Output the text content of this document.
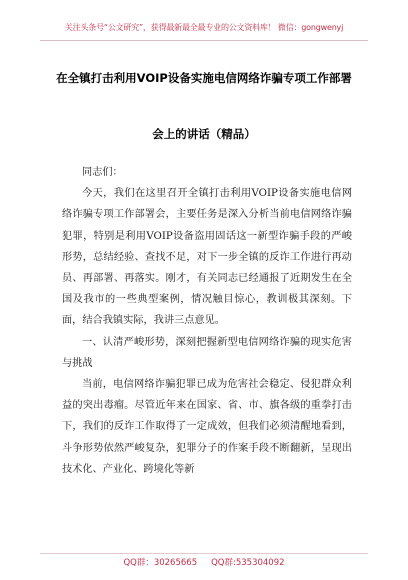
关注头条号“公文研究”，获得最新最全最专业的公文资料库！ 微信：gongwenyj
在全镇打击利用VOIP设备实施电信网络诈骗专项工作部署
会上的讲话（精品）

同志们：

今天，我们在这里召开全镇打击利用VOIP设备实施电信网络诈骗专项工作部署会，主要任务是深入分析当前电信网络诈骗犯罪，特别是利用VOIP设备盗用固话这一新型诈骗手段的严峻形势，总结经验、查找不足，对下一步全镇的反诈工作进行再动员、再部署、再落实。刚才，有关同志已经通报了近期发生在全国及我市的一些典型案例，情况触目惊心，教训极其深刻。下面，结合我镇实际，我讲三点意见。

一、认清严峻形势，深刻把握新型电信网络诈骗的现实危害与挑战

当前，电信网络诈骗犯罪已成为危害社会稳定、侵犯群众利益的突出毒瘤。尽管近年来在国家、省、市、旗各级的重拳打击下，我们的反诈工作取得了一定成效，但我们必须清醒地看到，斗争形势依然严峻复杂，犯罪分子的作案手段不断翻新，呈现出技术化、产业化、跨境化等新

QQ群：30265665 QQ群:535304092
